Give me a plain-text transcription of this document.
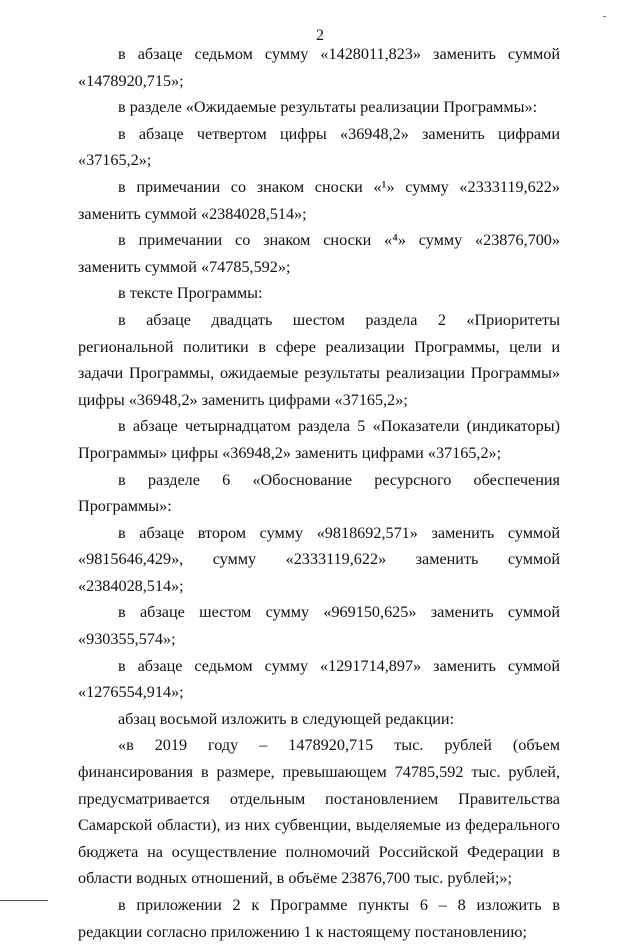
2

в абзаце седьмом сумму «1428011,823» заменить суммой «1478920,715»;

в разделе «Ожидаемые результаты реализации Программы»:

в абзаце четвертом цифры «36948,2» заменить цифрами «37165,2»;

в примечании со знаком сноски «¹» сумму «2333119,622» заменить суммой «2384028,514»;

в примечании со знаком сноски «⁴» сумму «23876,700» заменить суммой «74785,592»;

в тексте Программы:

в абзаце двадцать шестом раздела 2 «Приоритеты региональной политики в сфере реализации Программы, цели и задачи Программы, ожидаемые результаты реализации Программы» цифры «36948,2» заменить цифрами «37165,2»;

в абзаце четырнадцатом раздела 5 «Показатели (индикаторы) Программы» цифры «36948,2» заменить цифрами «37165,2»;

в разделе 6 «Обоснование ресурсного обеспечения Программы»:

в абзаце втором сумму «9818692,571» заменить суммой «9815646,429», сумму «2333119,622» заменить суммой «2384028,514»;

в абзаце шестом сумму «969150,625» заменить суммой «930355,574»;

в абзаце седьмом сумму «1291714,897» заменить суммой «1276554,914»;

абзац восьмой изложить в следующей редакции:

«в 2019 году – 1478920,715 тыс. рублей (объем финансирования в размере, превышающем 74785,592 тыс. рублей, предусматривается отдельным постановлением Правительства Самарской области), из них субвенции, выделяемые из федерального бюджета на осуществление полномочий Российской Федерации в области водных отношений, в объёме 23876,700 тыс. рублей;»;

в приложении 2 к Программе пункты 6 – 8 изложить в редакции согласно приложению 1 к настоящему постановлению;
